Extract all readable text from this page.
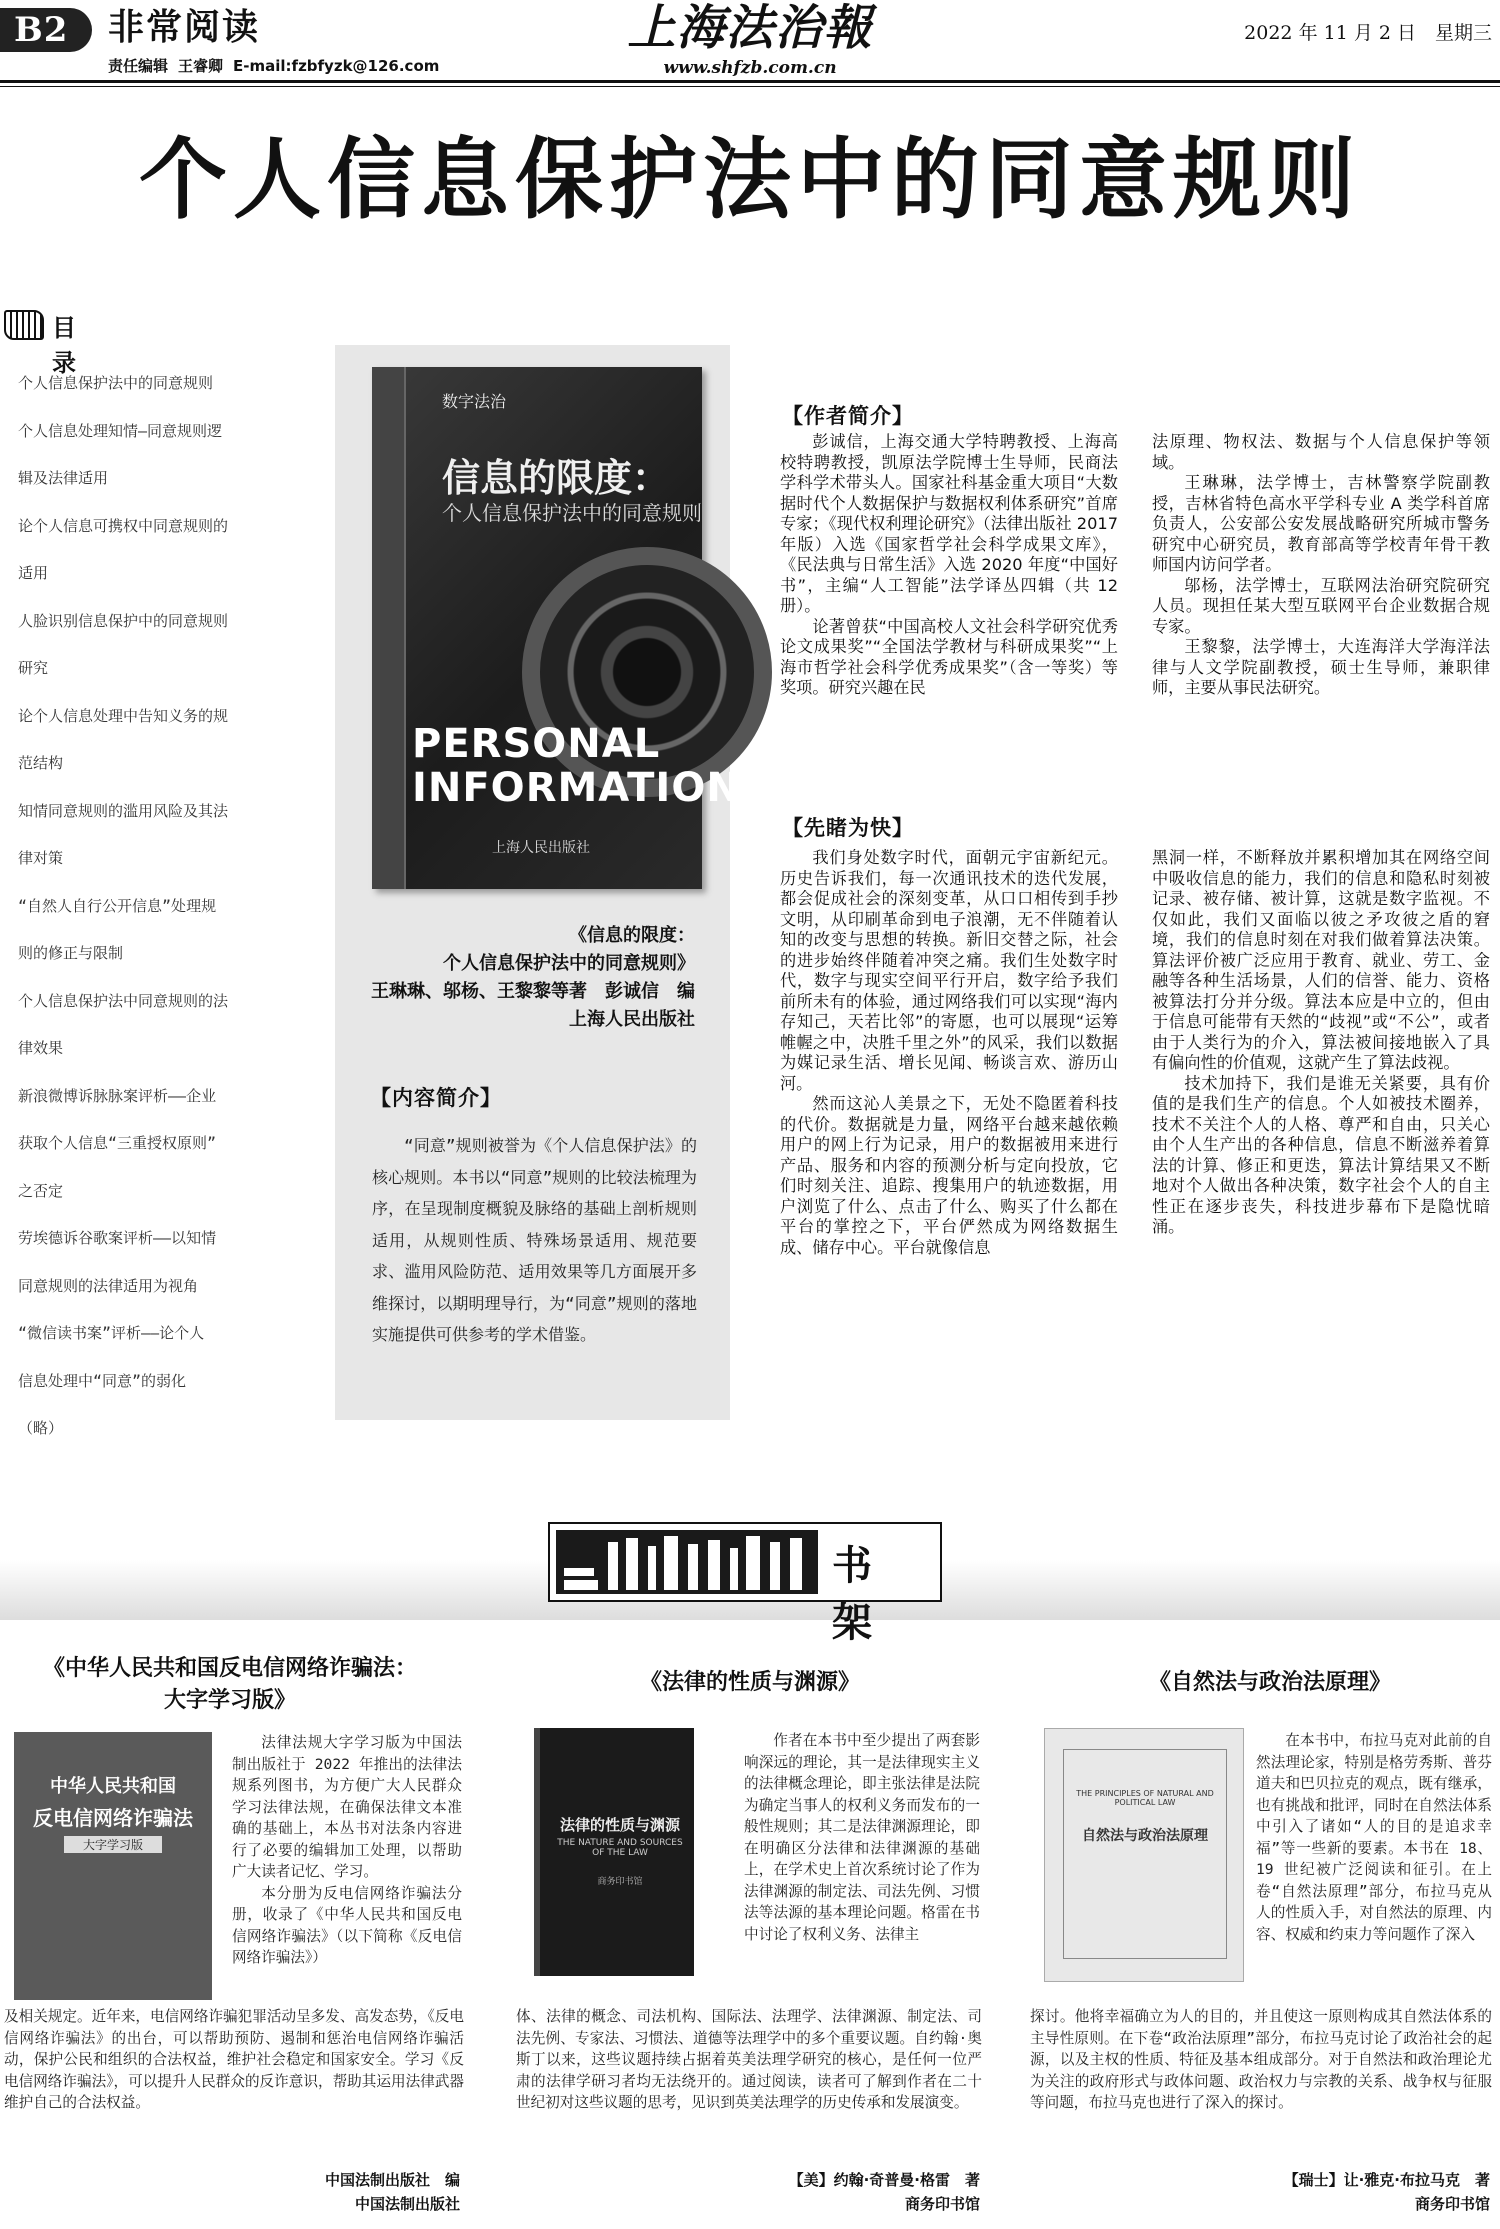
B2	非常阅读
责任编辑 王睿卿 E-mail:fzbfyzk@126.com
上海法治報
www.shfzb.com.cn
2022 年 11 月 2 日　星期三
个人信息保护法中的同意规则
目录
个人信息保护法中的同意规则
个人信息处理知情—同意规则逻
辑及法律适用
论个人信息可携权中同意规则的
适用
人脸识别信息保护中的同意规则
研究
论个人信息处理中告知义务的规
范结构
知情同意规则的滥用风险及其法
律对策
“自然人自行公开信息”处理规
则的修正与限制
个人信息保护法中同意规则的法
律效果
新浪微博诉脉脉案评析——企业
获取个人信息“三重授权原则”
之否定
劳埃德诉谷歌案评析——以知情
同意规则的法律适用为视角
“微信读书案”评析——论个人
信息处理中“同意”的弱化
（略）
数字法治
信息的限度：
个人信息保护法中的同意规则
PERSONAL INFORMATION
上海人民出版社
《信息的限度：
个人信息保护法中的同意规则》
王琳琳、邬杨、王黎黎等著　彭诚信　编
上海人民出版社
【内容简介】
“同意”规则被誉为《个人信息保护法》的核心规则。本书以“同意”规则的比较法梳理为序，在呈现制度概貌及脉络的基础上剖析规则适用，从规则性质、特殊场景适用、规范要求、滥用风险防范、适用效果等几方面展开多维探讨，以期明理导行，为“同意”规则的落地实施提供可供参考的学术借鉴。
【作者简介】

彭诚信，上海交通大学特聘教授、上海高校特聘教授，凯原法学院博士生导师，民商法学科学术带头人。国家社科基金重大项目“大数据时代个人数据保护与数据权利体系研究”首席专家；《现代权利理论研究》（法律出版社 2017 年版）入选《国家哲学社会科学成果文库》，《民法典与日常生活》入选 2020 年度“中国好书”，主编“人工智能”法学译丛四辑（共 12 册）。

论著曾获“中国高校人文社会科学研究优秀论文成果奖”“全国法学教材与科研成果奖”“上海市哲学社会科学优秀成果奖”（含一等奖）等奖项。研究兴趣在民

法原理、物权法、数据与个人信息保护等领域。

王琳琳，法学博士，吉林警察学院副教授，吉林省特色高水平学科专业 A 类学科首席负责人，公安部公安发展战略研究所城市警务研究中心研究员，教育部高等学校青年骨干教师国内访问学者。

邬杨，法学博士，互联网法治研究院研究人员。现担任某大型互联网平台企业数据合规专家。

王黎黎，法学博士，大连海洋大学海洋法律与人文学院副教授，硕士生导师，兼职律师，主要从事民法研究。

【先睹为快】

我们身处数字时代，面朝元宇宙新纪元。历史告诉我们，每一次通讯技术的迭代发展，都会促成社会的深刻变革，从口口相传到手抄文明，从印刷革命到电子浪潮，无不伴随着认知的改变与思想的转换。新旧交替之际，社会的进步始终伴随着冲突之痛。我们生处数字时代，数字与现实空间平行开启，数字给予我们前所未有的体验，通过网络我们可以实现“海内存知己，天若比邻”的寄愿，也可以展现“运筹帷幄之中，决胜千里之外”的风采，我们以数据为媒记录生活、增长见闻、畅谈言欢、游历山河。

然而这沁人美景之下，无处不隐匿着科技的代价。数据就是力量，网络平台越来越依赖用户的网上行为记录，用户的数据被用来进行产品、服务和内容的预测分析与定向投放，它们时刻关注、追踪、搜集用户的轨迹数据，用户浏览了什么、点击了什么、购买了什么都在平台的掌控之下，平台俨然成为网络数据生成、储存中心。平台就像信息

黑洞一样，不断释放并累积增加其在网络空间中吸收信息的能力，我们的信息和隐私时刻被记录、被存储、被计算，这就是数字监视。不仅如此，我们又面临以彼之矛攻彼之盾的窘境，我们的信息时刻在对我们做着算法决策。算法评价被广泛应用于教育、就业、劳工、金融等各种生活场景，人们的信誉、能力、资格被算法打分并分级。算法本应是中立的，但由于信息可能带有天然的“歧视”或“不公”，或者由于人类行为的介入，算法被间接地嵌入了具有偏向性的价值观，这就产生了算法歧视。

技术加持下，我们是谁无关紧要，具有价值的是我们生产的信息。个人如被技术圈养，技术不关注个人的人格、尊严和自由，只关心由个人生产出的各种信息，信息不断滋养着算法的计算、修正和更迭，算法计算结果又不断地对个人做出各种决策，数字社会个人的自主性正在逐步丧失，科技进步幕布下是隐忧暗涌。

书架
《中华人民共和国反电信网络诈骗法：
大字学习版》
中华人民共和国
反电信网络诈骗法
大字学习版

法律法规大字学习版为中国法制出版社于 2022 年推出的法律法规系列图书，为方便广大人民群众学习法律法规，在确保法律文本准确的基础上，本丛书对法条内容进行了必要的编辑加工处理，以帮助广大读者记忆、学习。

本分册为反电信网络诈骗法分册，收录了《中华人民共和国反电信网络诈骗法》（以下简称《反电信网络诈骗法》）

及相关规定。近年来，电信网络诈骗犯罪活动呈多发、高发态势，《反电信网络诈骗法》的出台，可以帮助预防、遏制和惩治电信网络诈骗活动，保护公民和组织的合法权益，维护社会稳定和国家安全。学习《反电信网络诈骗法》，可以提升人民群众的反诈意识，帮助其运用法律武器维护自己的合法权益。

中国法制出版社　编
中国法制出版社
《法律的性质与渊源》
法律的性质与渊源
THE NATURE AND SOURCES OF THE LAW
商务印书馆

作者在本书中至少提出了两套影响深远的理论，其一是法律现实主义的法律概念理论，即主张法律是法院为确定当事人的权利义务而发布的一般性规则；其二是法律渊源理论，即在明确区分法律和法律渊源的基础上，在学术史上首次系统讨论了作为法律渊源的制定法、司法先例、习惯法等法源的基本理论问题。格雷在书中讨论了权利义务、法律主

体、法律的概念、司法机构、国际法、法理学、法律渊源、制定法、司法先例、专家法、习惯法、道德等法理学中的多个重要议题。自约翰·奥斯丁以来，这些议题持续占据着英美法理学研究的核心，是任何一位严肃的法律学研习者均无法绕开的。通过阅读，读者可了解到作者在二十世纪初对这些议题的思考，见识到英美法理学的历史传承和发展演变。

【美】约翰·奇普曼·格雷　著
商务印书馆
《自然法与政治法原理》
THE PRINCIPLES OF NATURAL AND POLITICAL LAW
自然法与政治法原理

在本书中，布拉马克对此前的自然法理论家，特别是格劳秀斯、普芬道夫和巴贝拉克的观点，既有继承，也有挑战和批评，同时在自然法体系中引入了诸如“人的目的是追求幸福”等一些新的要素。本书在 18、19 世纪被广泛阅读和征引。在上卷“自然法原理”部分，布拉马克从人的性质入手，对自然法的原理、内容、权威和约束力等问题作了深入

探讨。他将幸福确立为人的目的，并且使这一原则构成其自然法体系的主导性原则。在下卷“政治法原理”部分，布拉马克讨论了政治社会的起源，以及主权的性质、特征及基本组成部分。对于自然法和政治理论尤为关注的政府形式与政体问题、政治权力与宗教的关系、战争权与征服等问题，布拉马克也进行了深入的探讨。

【瑞士】让·雅克·布拉马克　著
商务印书馆
